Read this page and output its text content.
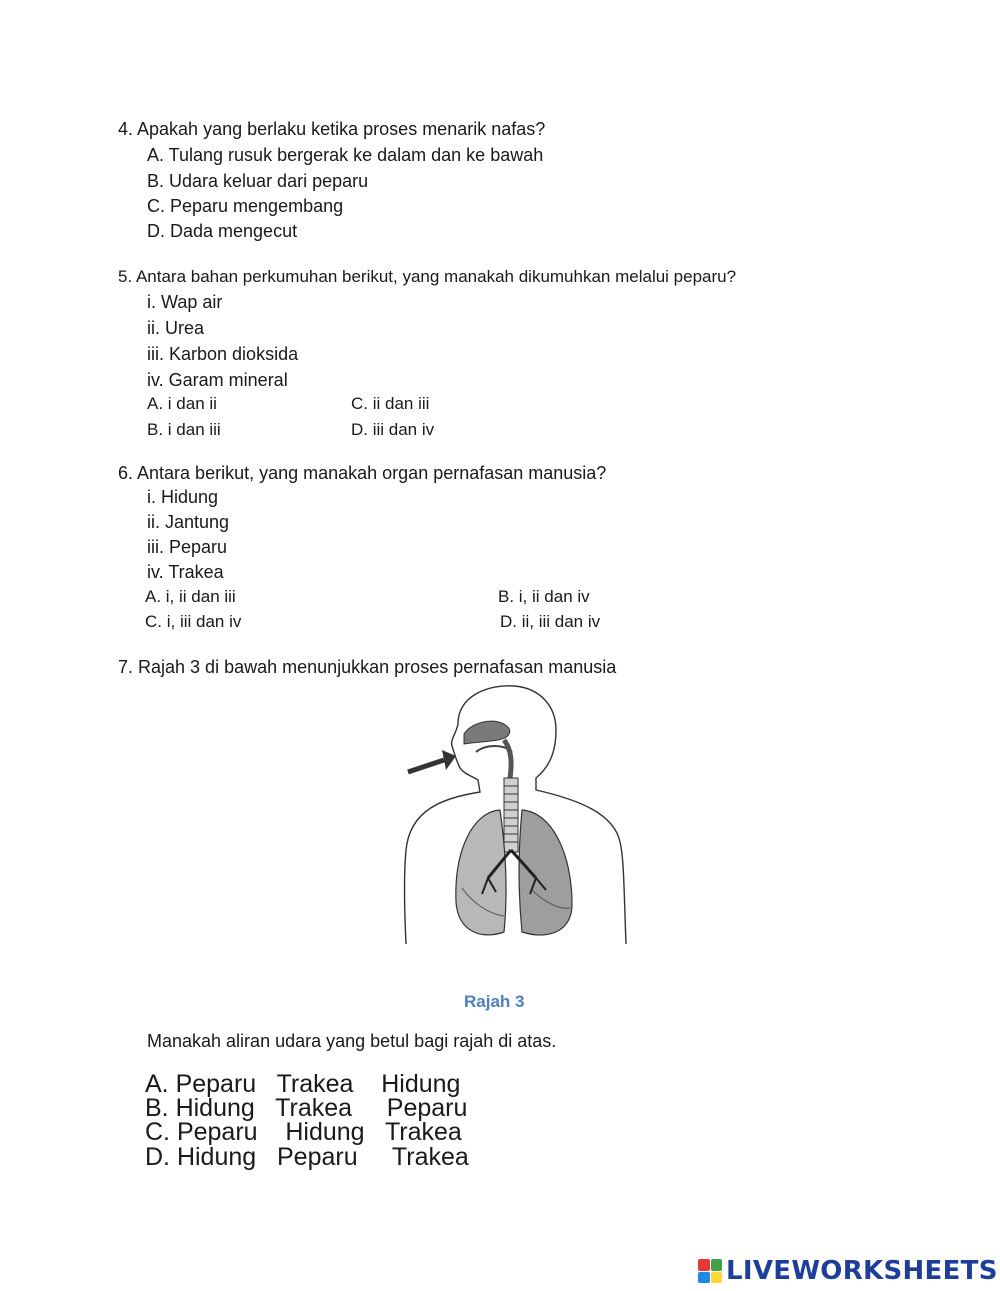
4. Apakah yang berlaku ketika proses menarik nafas?
A. Tulang rusuk bergerak ke dalam dan ke bawah
B. Udara keluar dari peparu
C. Peparu mengembang
D. Dada mengecut
5. Antara bahan perkumuhan berikut, yang manakah dikumuhkan melalui peparu?
i. Wap air
ii. Urea
iii. Karbon dioksida
iv. Garam mineral
A. i dan ii	C. ii dan iii
B. i dan iii	D. iii dan iv
6. Antara berikut, yang manakah organ pernafasan manusia?
i. Hidung
ii. Jantung
iii. Peparu
iv. Trakea
A. i, ii dan iii	B. i, ii dan iv
C. i, iii dan iv	D. ii, iii dan iv
7. Rajah 3 di bawah menunjukkan proses pernafasan manusia
Rajah 3
Manakah aliran udara yang betul bagi rajah di atas.
A. Peparu   Trakea    Hidung
B. Hidung   Trakea     Peparu
C. Peparu    Hidung   Trakea
D. Hidung   Peparu     Trakea
LIVEWORKSHEETS
